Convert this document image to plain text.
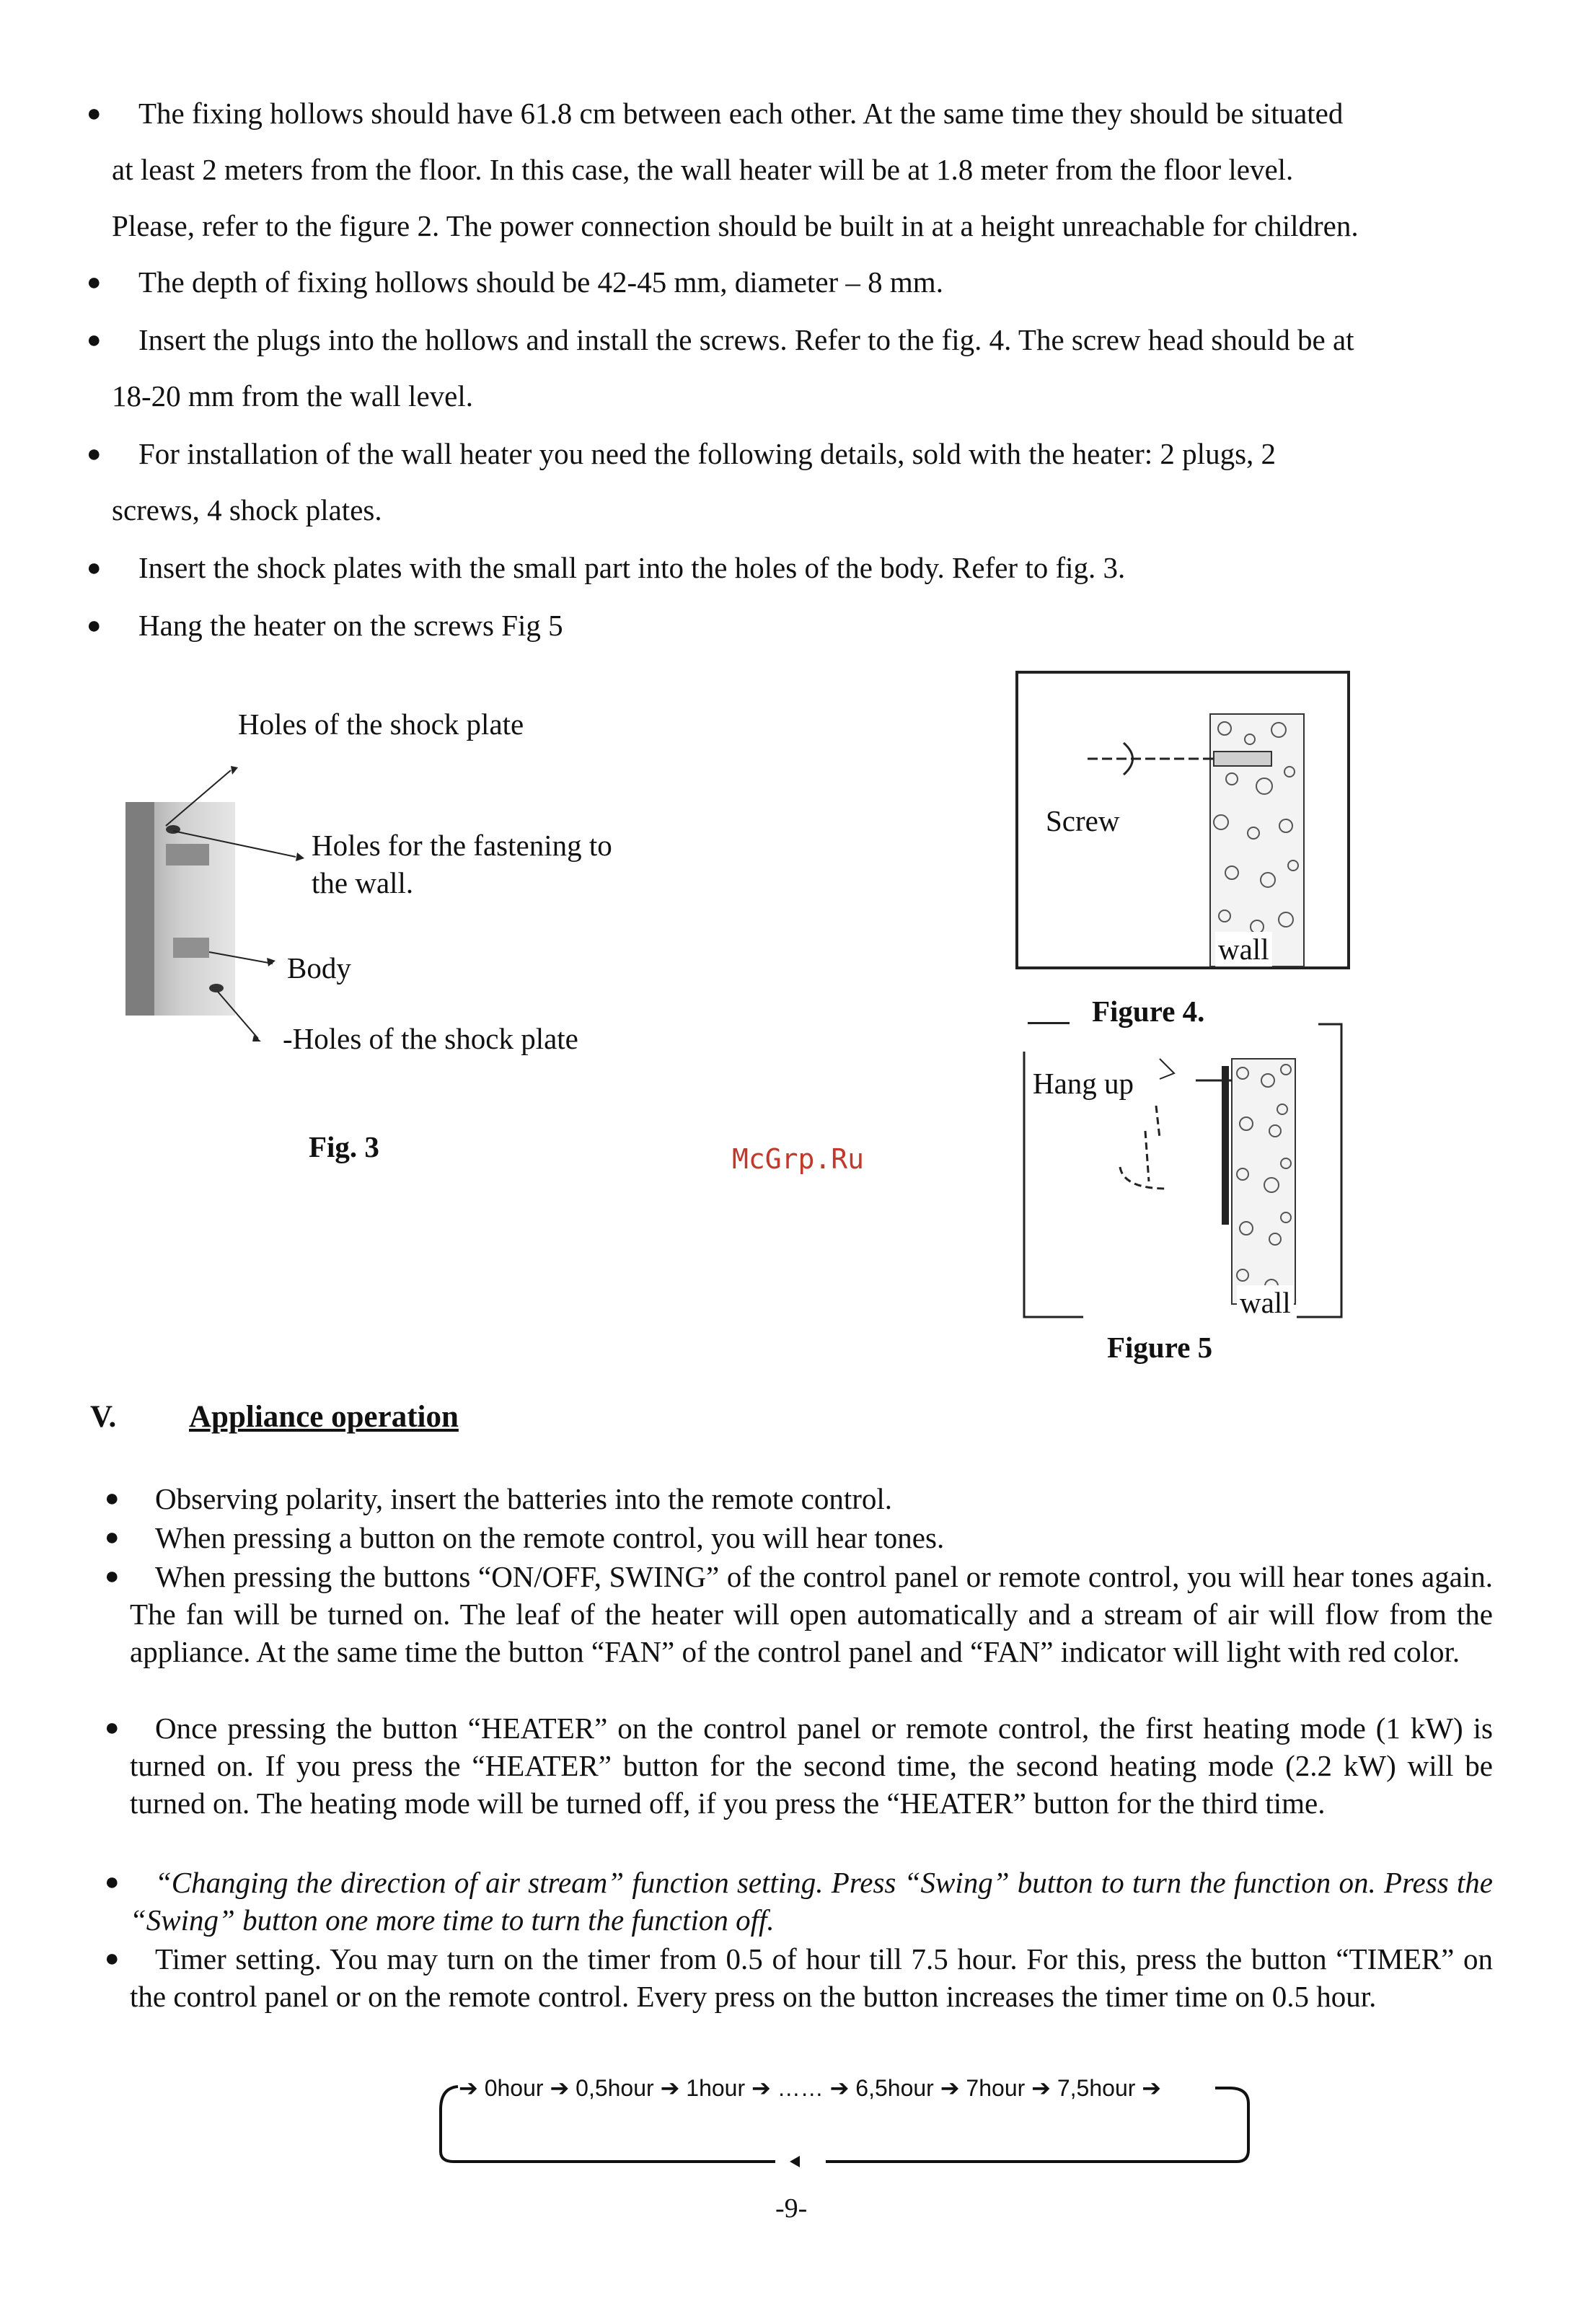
●	The fixing hollows should have 61.8 cm between each other. At the same time they should be situated
at least 2 meters from the floor. In this case, the wall heater will be at 1.8 meter from the floor level.
Please, refer to the figure 2. The power connection should be built in at a height unreachable for children.
●	The depth of fixing hollows should be 42-45 mm, diameter – 8 mm.
●	Insert the plugs into the hollows and install the screws. Refer to the fig. 4. The screw head should be at
18-20 mm from the wall level.
●	For installation of the wall heater you need the following details, sold with the heater: 2 plugs, 2
screws, 4 shock plates.
●	Insert the shock plates with the small part into the holes of the body. Refer to fig. 3.
●	Hang the heater on the screws Fig 5
Holes of the shock plate
Holes for the fastening to
the wall.
Body
-Holes of the shock plate
Fig. 3
Screw
wall
Figure 4.
Hang up
wall
Figure 5
McGrp.Ru
V. Appliance operation
●	Observing polarity, insert the batteries into the remote control.
●	When pressing a button on the remote control, you will hear tones.
●	When pressing the buttons “ON/OFF, SWING” of the control panel or remote control, you will hear tones again. The fan will be turned on. The leaf of the heater will open automatically and a stream of air will flow from the appliance. At the same time the button “FAN” of the control panel and “FAN” indicator will light with red color.
●	Once pressing the button “HEATER” on the control panel or remote control, the first heating mode (1 kW) is turned on. If you press the “HEATER” button for the second time, the second heating mode (2.2 kW) will be turned on. The heating mode will be turned off, if you press the “HEATER” button for the third time.
●	“Changing the direction of air stream” function setting. Press “Swing” button to turn the function on. Press the “Swing” button one more time to turn the function off.
●	Timer setting. You may turn on the timer from 0.5 of hour till 7.5 hour. For this, press the button “TIMER” on the control panel or on the remote control. Every press on the button increases the timer time on 0.5 hour.
➔ 0hour ➔ 0,5hour ➔ 1hour ➔ …… ➔ 6,5hour ➔ 7hour ➔ 7,5hour ➔
-9-
